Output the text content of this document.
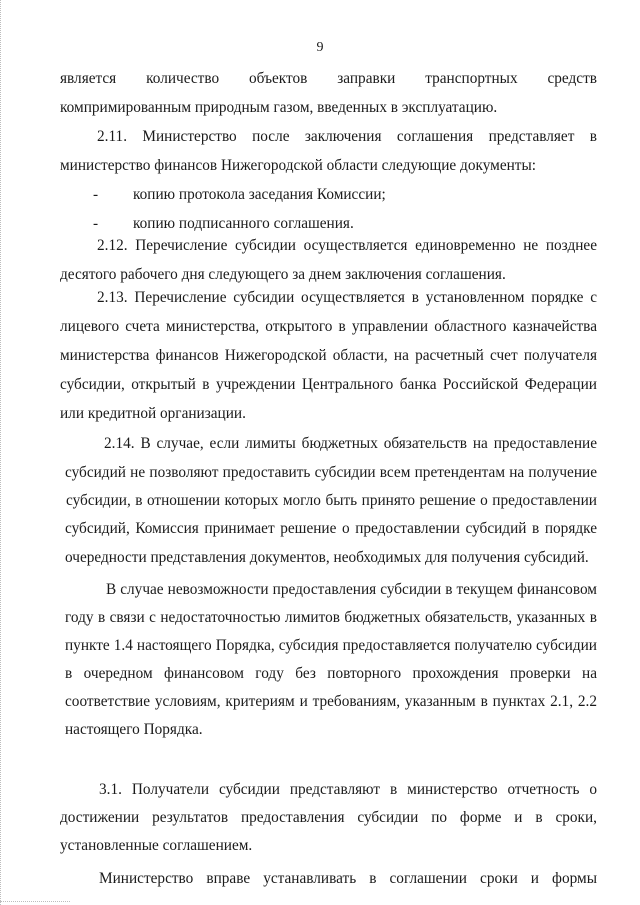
9

является количество объектов заправки транспортных средств

компримированным природным газом, введенных в эксплуатацию.

2.11. Министерство после заключения соглашения представляет в

министерство финансов Нижегородской области следующие документы:

- копию протокола заседания Комиссии;
- копию подписанного соглашения.

2.12. Перечисление субсидии осуществляется единовременно не позднее

десятого рабочего дня следующего за днем заключения соглашения.

2.13. Перечисление субсидии осуществляется в установленном порядке с

лицевого счета министерства, открытого в управлении областного казначейства

министерства финансов Нижегородской области, на расчетный счет получателя

субсидии, открытый в учреждении Центрального банка Российской Федерации

или кредитной организации.

2.14. В случае, если лимиты бюджетных обязательств на предоставление

субсидий не позволяют предоставить субсидии всем претендентам на получение

субсидии, в отношении которых могло быть принято решение о предоставлении

субсидий, Комиссия принимает решение о предоставлении субсидий в порядке

очередности представления документов, необходимых для получения субсидий.

В случае невозможности предоставления субсидии в текущем финансовом

году в связи с недостаточностью лимитов бюджетных обязательств, указанных в

пункте 1.4 настоящего Порядка, субсидия предоставляется получателю субсидии

в очередном финансовом году без повторного прохождения проверки на

соответствие условиям, критериям и требованиям, указанным в пунктах 2.1, 2.2

настоящего Порядка.

3.1. Получатели субсидии представляют в министерство отчетность о

достижении результатов предоставления субсидии по форме и в сроки,

установленные соглашением.

Министерство вправе устанавливать в соглашении сроки и формы
